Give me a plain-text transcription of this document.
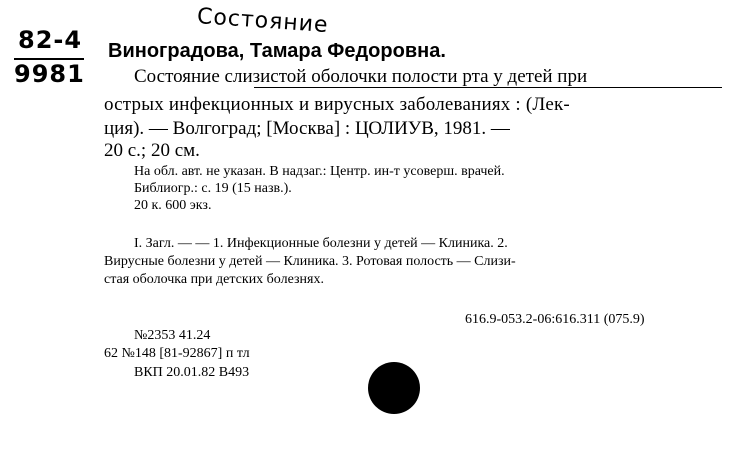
Состояние
82-4
9981
Виноградова, Тамара Федоровна.
Состояние слизистой оболочки полости рта у детей при
острых инфекционных и вирусных заболеваниях : (Лек-
ция). — Волгоград; [Москва] : ЦОЛИУВ, 1981. —
20 с.; 20 см.
На обл. авт. не указан. В надзаг.: Центр. ин-т усоверш. врачей.
Библиогр.: с. 19 (15 назв.).
20 к. 600 экз.
I. Загл. — — 1. Инфекционные болезни у детей — Клиника. 2.
Вирусные болезни у детей — Клиника. 3. Ротовая полость — Слизи-
стая оболочка при детских болезнях.
616.9-053.2-06:616.311 (075.9)
№2353 41.24
62 №148 [81-92867] п тл
ВКП 20.01.82 В493
